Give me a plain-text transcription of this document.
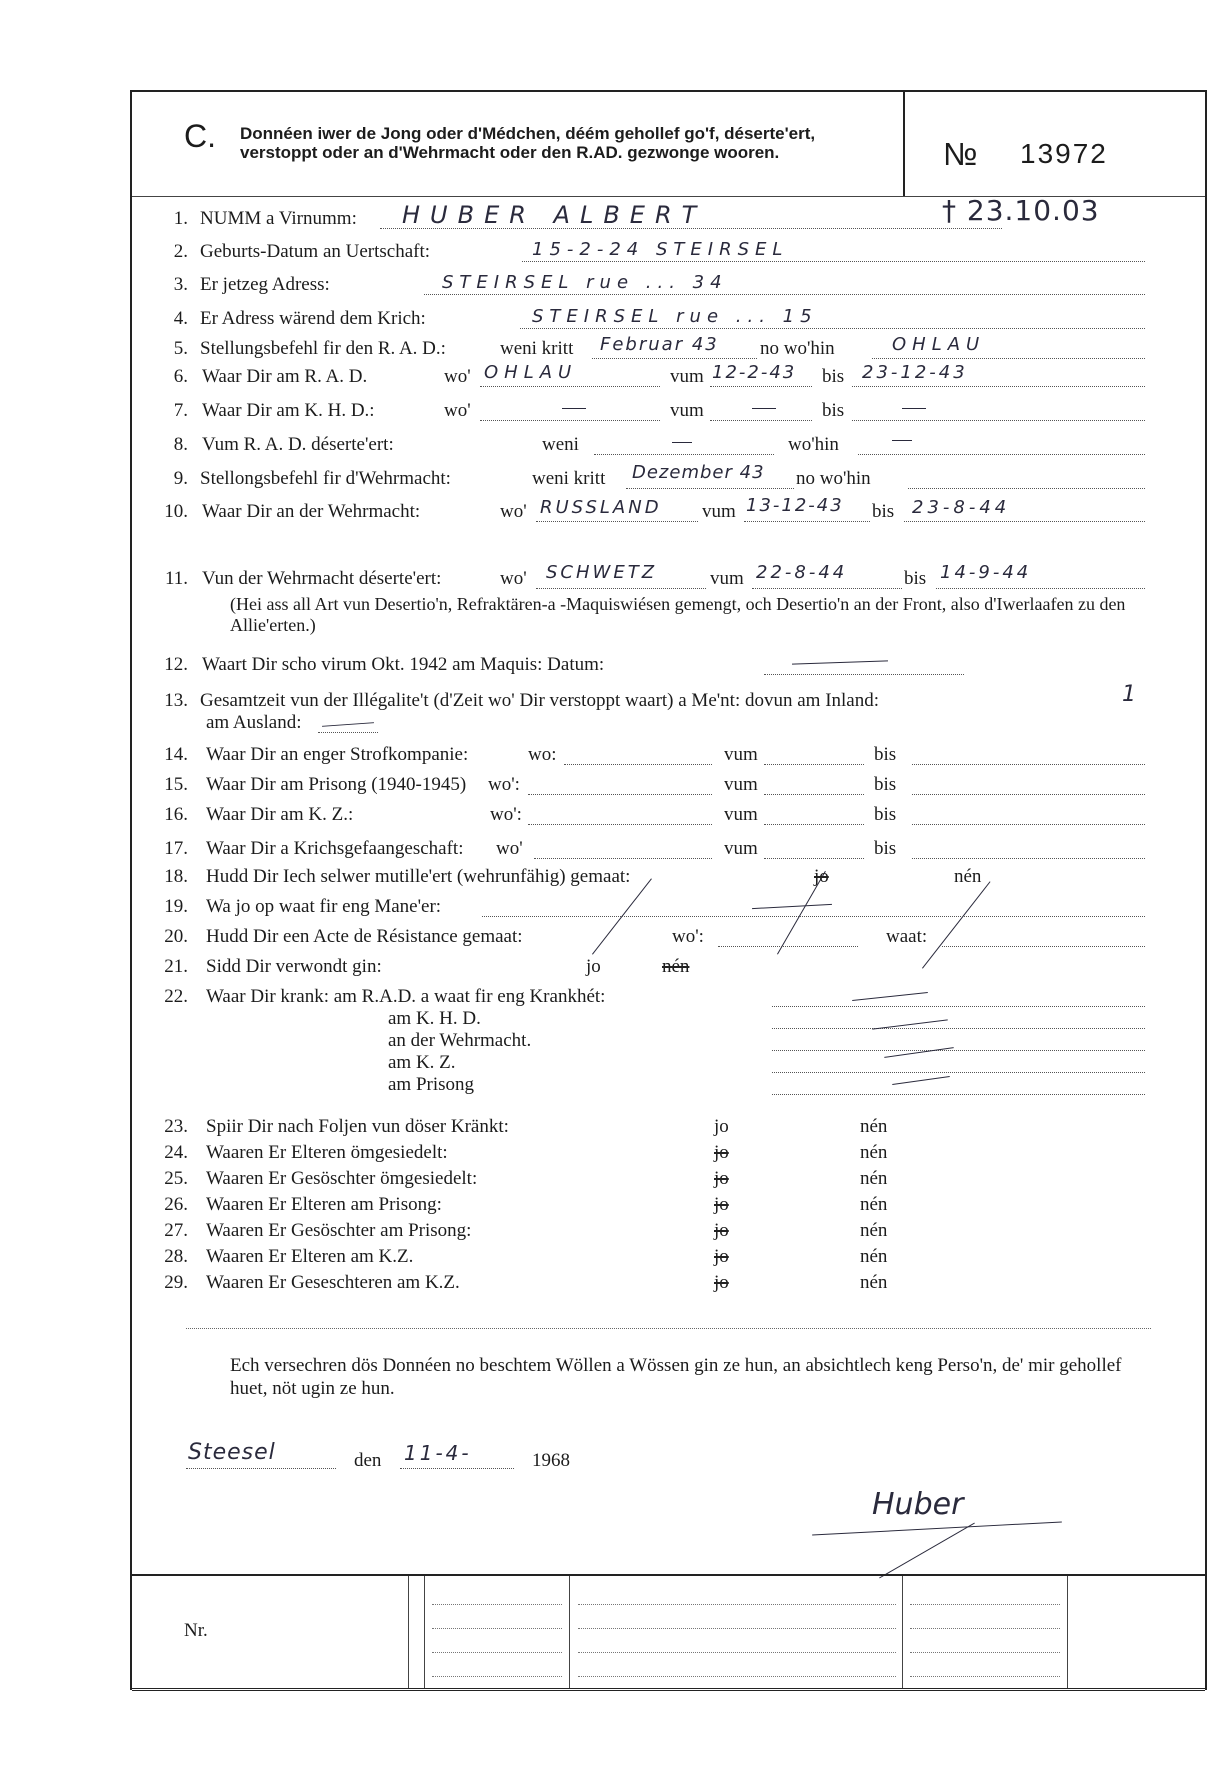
C. Donnéen iwer de Jong oder d'Médchen, déém gehollef go'f, déserte'ert, verstoppt oder an d'Wehrmacht oder den R.AD. gezwonge wooren.	№ 13972
1. NUMM a Virnumm: HUBER ALBERT	† 23.10.03
2. Geburts-Datum an Uertschaft:	15-2-24 STEIRSEL
3. Er jetzeg Adress:	STEIRSEL rue ... 34
4. Er Adress wärend dem Krich:	STEIRSEL rue ... 15
5. Stellungsbefehl fir den R. A. D.:	weni kritt Februar 43 no wo'hin	OHLAU
6. Waar Dir am R. A. D.	wo' OHLAU	vum 12-2-43 bis 23-12-43
7. Waar Dir am K. H. D.:	wo'	vum	bis
8. Vum R. A. D. déserte'ert:	weni	wo'hin
9. Stellongsbefehl fir d'Wehrmacht:	weni kritt Dezember 43 no wo'hin
10. Waar Dir an der Wehrmacht:	wo' RUSSLAND vum 13-12-43 bis 23-8-44
11. Vun der Wehrmacht déserte'ert:	wo' SCHWETZ	vum 22-8-44	bis 14-9-44
(Hei ass all Art vun Desertio'n, Refraktären-a -Maquiswiésen gemengt, och Desertio'n an der Front, also d'Iwerlaafen zu den Allie'erten.)
12. Waart Dir scho virum Okt. 1942 am Maquis: Datum:
13. Gesamtzeit vun der Illégalite't (d'Zeit wo' Dir verstoppt waart) a Me'nt: dovun am Inland:	1
am Ausland:
14. Waar Dir an enger Strofkompanie:	wo:	vum	bis
15. Waar Dir am Prisong (1940-1945) wo':	vum	bis
16. Waar Dir am K. Z.:	wo':	vum	bis
17. Waar Dir a Krichsgefaangeschaft: wo'	vum	bis
18. Hudd Dir Iech selwer mutille'ert (wehrunfähig) gemaat:	jo	nén
19. Wa jo op waat fir eng Mane'er:
20. Hudd Dir een Acte de Résistance gemaat:	wo':	waat:
21. Sidd Dir verwondt gin:	jo	nén
22. Waar Dir krank: am R.A.D. a waat fir eng Krankhét:
am K. H. D.
an der Wehrmacht.
am K. Z.
am Prisong
23. Spiir Dir nach Foljen vun döser Kränkt:	jo	nén
24. Waaren Er Elteren ömgesiedelt:	jo	nén
25. Waaren Er Gesöschter ömgesiedelt:	jo	nén
26. Waaren Er Elteren am Prisong:	jo	nén
27. Waaren Er Gesöschter am Prisong:	jo	nén
28. Waaren Er Elteren am K.Z.	jo	nén
29. Waaren Er Geseschteren am K.Z.	jo	nén
Ech versechren dös Donnéen no beschtem Wöllen a Wössen gin ze hun, an absichtlech keng Perso'n, de' mir gehollef huet, nöt ugin ze hun.
Steesel	den 11-4-	1968
Huber
Nr.
